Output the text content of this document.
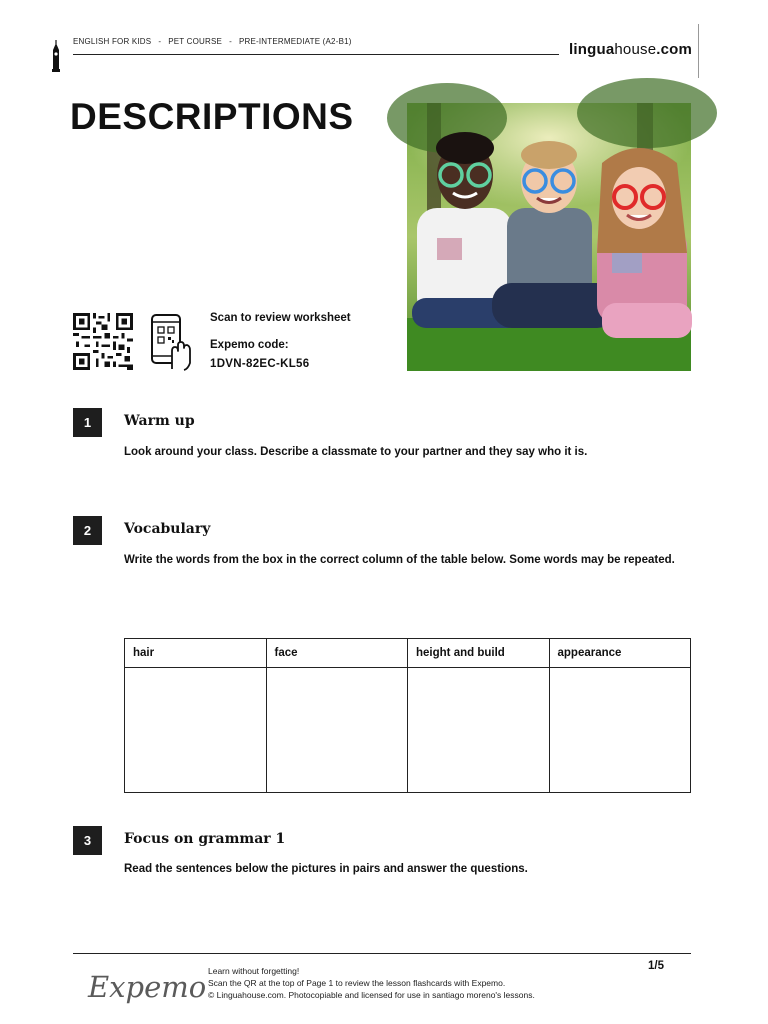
ENGLISH FOR KIDS - PET COURSE - PRE-INTERMEDIATE (A2-B1)	linguahouse.com
DESCRIPTIONS
Scan to review worksheet
Expemo code:
1DVN-82EC-KL56
1	Warm up
Look around your class. Describe a classmate to your partner and they say who it is.
2	Vocabulary
Write the words from the box in the correct column of the table below. Some words may be repeated.
hair	face	height and build	appearance

3	Focus on grammar 1
Read the sentences below the pictures in pairs and answer the questions.
Expemo Learn without forgetting!
Scan the QR at the top of Page 1 to review the lesson flashcards with Expemo.
© Linguahouse.com. Photocopiable and licensed for use in santiago moreno's lessons.
1/5
